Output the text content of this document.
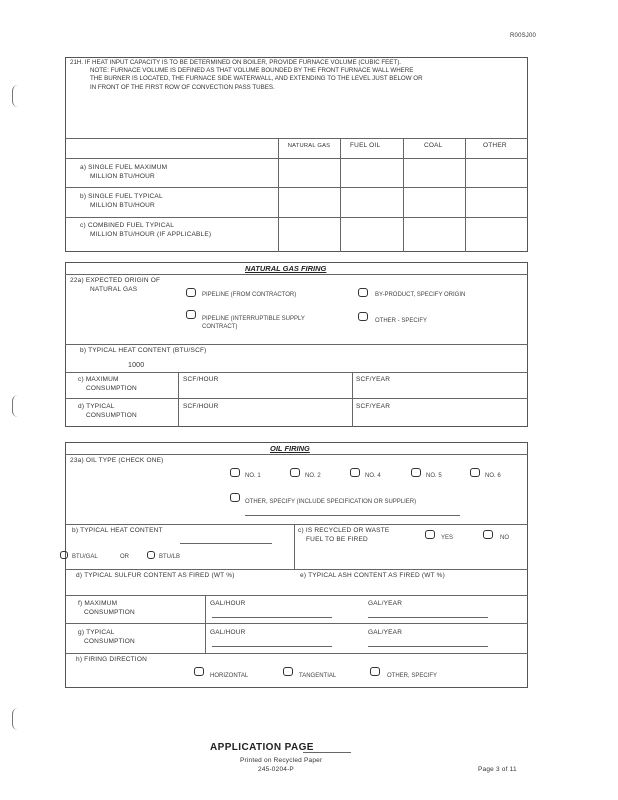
R00SJ00
21H. IF HEAT INPUT CAPACITY IS TO BE DETERMINED ON BOILER, PROVIDE FURNACE VOLUME (CUBIC FEET).
NOTE: FURNACE VOLUME IS DEFINED AS THAT VOLUME BOUNDED BY THE FRONT FURNACE WALL WHERE
THE BURNER IS LOCATED, THE FURNACE SIDE WATERWALL, AND EXTENDING TO THE LEVEL JUST BELOW OR
IN FRONT OF THE FIRST ROW OF CONVECTION PASS TUBES.
NATURAL GAS	FUEL OIL	COAL	OTHER
a) SINGLE FUEL MAXIMUM
MILLION BTU/HOUR
b) SINGLE FUEL TYPICAL
MILLION BTU/HOUR
c) COMBINED FUEL TYPICAL
MILLION BTU/HOUR (IF APPLICABLE)
NATURAL GAS FIRING
22a) EXPECTED ORIGIN OF
NATURAL GAS
PIPELINE (FROM CONTRACTOR)	BY-PRODUCT, SPECIFY ORIGIN
PIPELINE (INTERRUPTIBLE SUPPLY
CONTRACT)
OTHER - SPECIFY
b) TYPICAL HEAT CONTENT (BTU/SCF)
1000
c) MAXIMUM
CONSUMPTION
SCF/HOUR	SCF/YEAR
d) TYPICAL
CONSUMPTION
SCF/HOUR	SCF/YEAR
OIL FIRING
23a) OIL TYPE (CHECK ONE)
NO. 1	NO. 2	NO. 4	NO. 5	NO. 6
OTHER, SPECIFY (INCLUDE SPECIFICATION OR SUPPLIER)
b) TYPICAL HEAT CONTENT
BTU/GAL	OR	BTU/LB
c) IS RECYCLED OR WASTE
FUEL TO BE FIRED	YES	NO
d) TYPICAL SULFUR CONTENT AS FIRED (WT %)	e) TYPICAL ASH CONTENT AS FIRED (WT %)
f) MAXIMUM
CONSUMPTION
GAL/HOUR	GAL/YEAR
g) TYPICAL
CONSUMPTION
GAL/HOUR	GAL/YEAR
h) FIRING DIRECTION
HORIZONTAL	TANGENTIAL	OTHER, SPECIFY
APPLICATION PAGE
Printed on Recycled Paper
245-0204-P	Page 3 of 11
